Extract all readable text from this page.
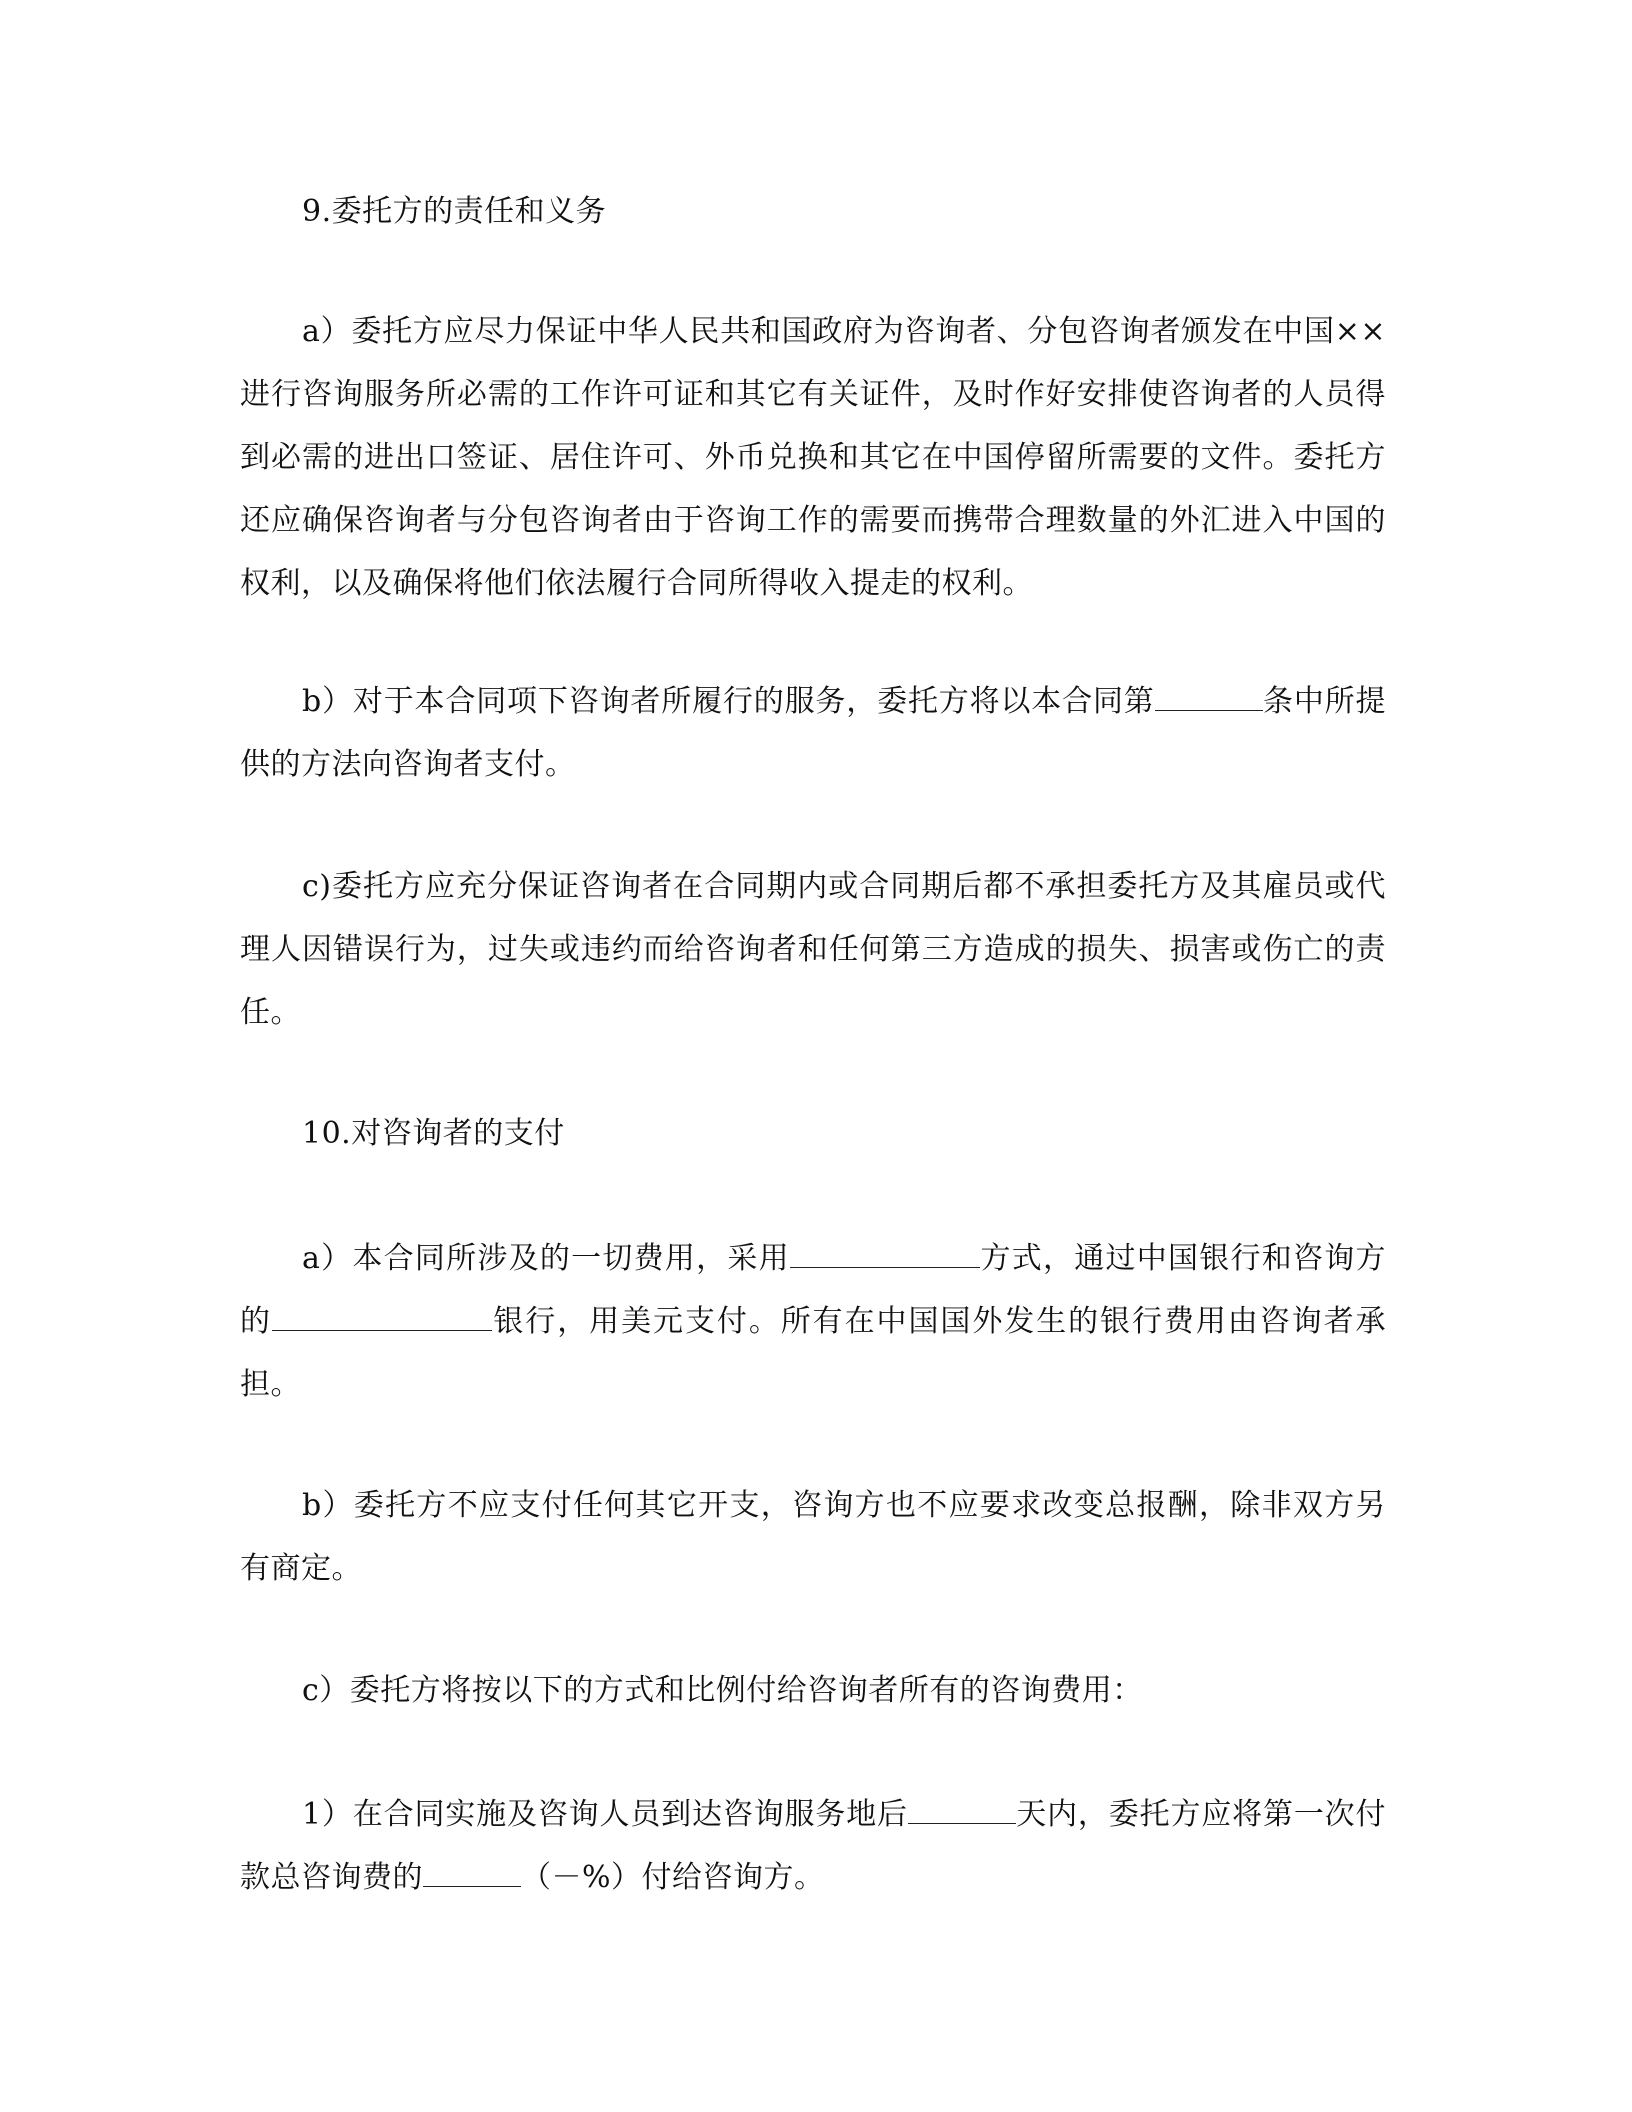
9.委托方的责任和义务

a）委托方应尽力保证中华人民共和国政府为咨询者、分包咨询者颁发在中国××进行咨询服务所必需的工作许可证和其它有关证件，及时作好安排使咨询者的人员得到必需的进出口签证、居住许可、外币兑换和其它在中国停留所需要的文件。委托方还应确保咨询者与分包咨询者由于咨询工作的需要而携带合理数量的外汇进入中国的权利，以及确保将他们依法履行合同所得收入提走的权利。

b）对于本合同项下咨询者所履行的服务，委托方将以本合同第	条中所提供的方法向咨询者支付。

c)委托方应充分保证咨询者在合同期内或合同期后都不承担委托方及其雇员或代理人因错误行为，过失或违约而给咨询者和任何第三方造成的损失、损害或伤亡的责任。

10.对咨询者的支付

a）本合同所涉及的一切费用，采用	方式，通过中国银行和咨询方的	银行，用美元支付。所有在中国国外发生的银行费用由咨询者承担。

b）委托方不应支付任何其它开支，咨询方也不应要求改变总报酬，除非双方另有商定。

c）委托方将按以下的方式和比例付给咨询者所有的咨询费用：

1）在合同实施及咨询人员到达咨询服务地后	天内，委托方应将第一次付款总咨询费的	（－%）付给咨询方。
